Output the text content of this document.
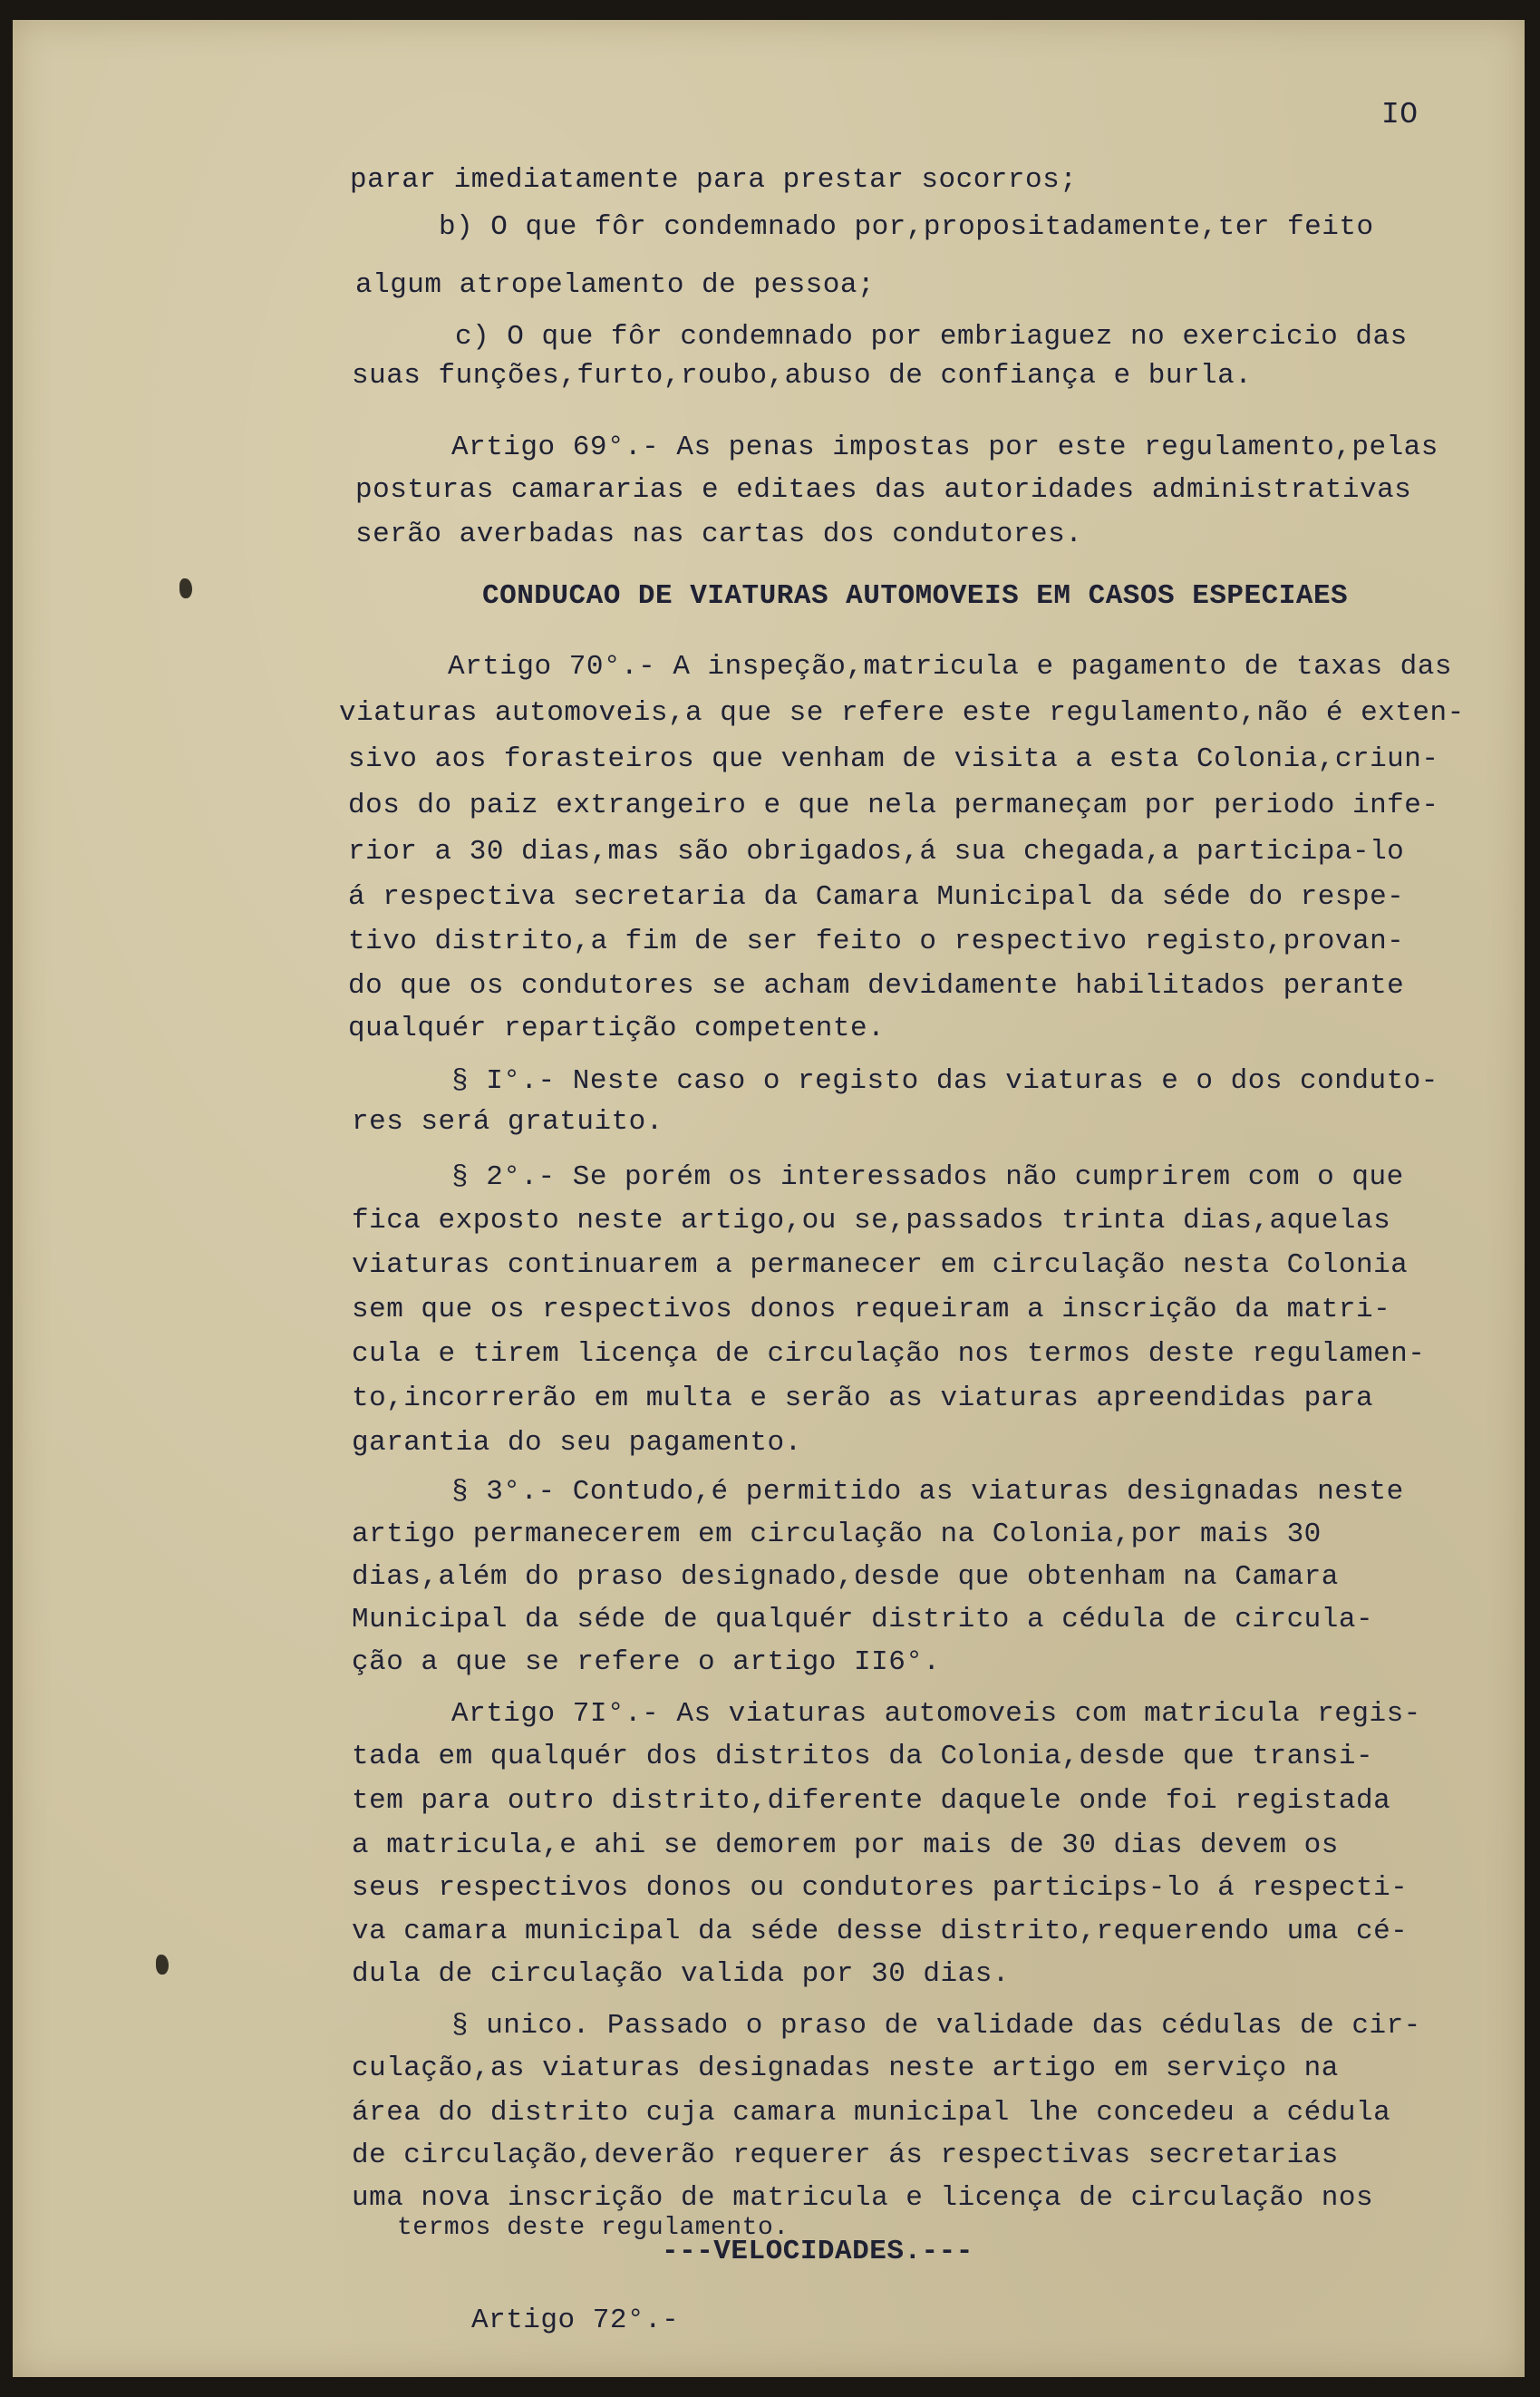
IO
parar imediatamente para prestar socorros;
b) O que fôr condemnado por,propositadamente,ter feito
algum atropelamento de pessoa;
c) O que fôr condemnado por embriaguez no exercicio das
suas funções,furto,roubo,abuso de confiança e burla.
Artigo 69°.- As penas impostas por este regulamento,pelas
posturas camararias e editaes das autoridades administrativas
serão averbadas nas cartas dos condutores.
CONDUCAO DE VIATURAS AUTOMOVEIS EM CASOS ESPECIAES
Artigo 70°.- A inspeção,matricula e pagamento de taxas das
viaturas automoveis,a que se refere este regulamento,não é exten-
sivo aos forasteiros que venham de visita a esta Colonia,criun-
dos do paiz extrangeiro e que nela permaneçam por periodo infe-
rior a 30 dias,mas são obrigados,á sua chegada,a participa-lo
á respectiva secretaria da Camara Municipal da séde do respe-
tivo distrito,a fim de ser feito o respectivo registo,provan-
do que os condutores se acham devidamente habilitados perante
qualquér repartição competente.
§ I°.- Neste caso o registo das viaturas e o dos conduto-
res será gratuito.
§ 2°.- Se porém os interessados não cumprirem com o que
fica exposto neste artigo,ou se,passados trinta dias,aquelas
viaturas continuarem a permanecer em circulação nesta Colonia
sem que os respectivos donos requeiram a inscrição da matri-
cula e tirem licença de circulação nos termos deste regulamen-
to,incorrerão em multa e serão as viaturas apreendidas para
garantia do seu pagamento.
§ 3°.- Contudo,é permitido as viaturas designadas neste
artigo permanecerem em circulação na Colonia,por mais 30
dias,além do praso designado,desde que obtenham na Camara
Municipal da séde de qualquér distrito a cédula de circula-
ção a que se refere o artigo II6°.
Artigo 7I°.- As viaturas automoveis com matricula regis-
tada em qualquér dos distritos da Colonia,desde que transi-
tem para outro distrito,diferente daquele onde foi registada
a matricula,e ahi se demorem por mais de 30 dias devem os
seus respectivos donos ou condutores particips-lo á respecti-
va camara municipal da séde desse distrito,requerendo uma cé-
dula de circulação valida por 30 dias.
§ unico. Passado o praso de validade das cédulas de cir-
culação,as viaturas designadas neste artigo em serviço na
área do distrito cuja camara municipal lhe concedeu a cédula
de circulação,deverão requerer ás respectivas secretarias
uma nova inscrição de matricula e licença de circulação nos
termos deste regulamento.
---VELOCIDADES.---
Artigo 72°.-
